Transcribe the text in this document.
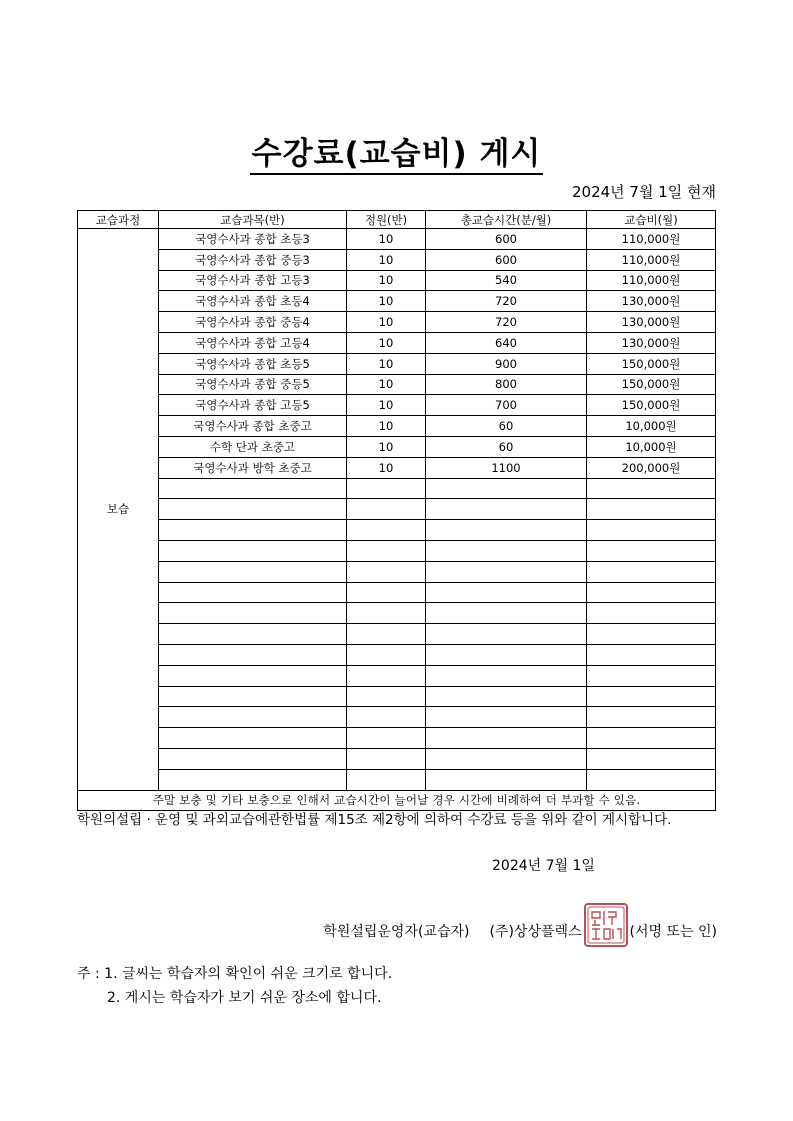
수강료(교습비) 게시
2024년 7월 1일 현재
교습과정	교습과목(반)	정원(반)	총교습시간(분/월)	교습비(월)
보습	국영수사과 종합 초등3	10	600	110,000원
	국영수사과 종합 중등3	10	600	110,000원
	국영수사과 종합 고등3	10	540	110,000원
	국영수사과 종합 초등4	10	720	130,000원
	국영수사과 종합 중등4	10	720	130,000원
	국영수사과 종합 고등4	10	640	130,000원
	국영수사과 종합 초등5	10	900	150,000원
	국영수사과 종합 중등5	10	800	150,000원
	국영수사과 종합 고등5	10	700	150,000원
	국영수사과 종합 초중고	10	60	10,000원
	수학 단과 초중고	10	60	10,000원
	국영수사과 방학 초중고	10	1100	200,000원

주말 보충 및 기타 보충으로 인해서 교습시간이 늘어날 경우 시간에 비례하여 더 부과할 수 있음.				
학원의설립 · 운영 및 과외교습에관한법률 제15조 제2항에 의하여 수강료 등을 위와 같이 게시합니다.
2024년 7월 1일
학원설립운영자(교습자) (주)상상플렉스	(서명 또는 인)
주 : 1. 글씨는 학습자의 확인이 쉬운 크기로 합니다.
2. 게시는 학습자가 보기 쉬운 장소에 합니다.
